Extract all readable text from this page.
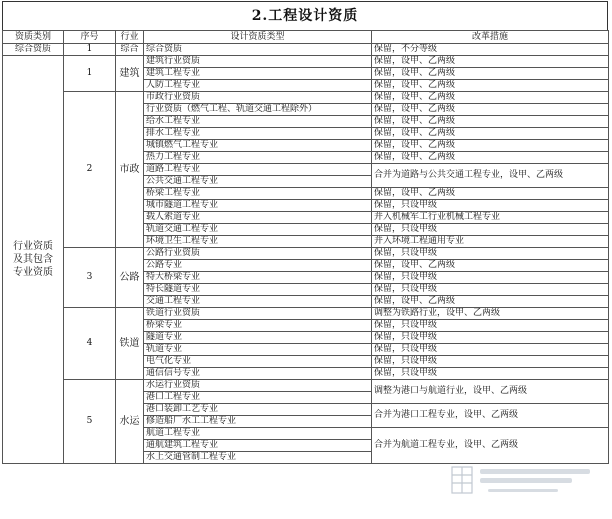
2.工程设计资质
资质类别	序号	行业	设计资质类型	改革措施
综合资质	1	综合	综合资质	保留，不分等级
行业资质及其包含专业资质	1	建筑	建筑行业资质	保留，设甲、乙两级
			建筑工程专业	保留，设甲、乙两级
			人防工程专业	保留，设甲、乙两级
	2	市政	市政行业资质	保留，设甲、乙两级
			行业资质（燃气工程、轨道交通工程除外）	保留，设甲、乙两级
			给水工程专业	保留，设甲、乙两级
			排水工程专业	保留，设甲、乙两级
			城镇燃气工程专业	保留，设甲、乙两级
			热力工程专业	保留，设甲、乙两级
			道路工程专业	合并为道路与公共交通工程专业，设甲、乙两级
			公共交通工程专业	
			桥梁工程专业	保留，设甲、乙两级
			城市隧道工程专业	保留，只设甲级
			载人索道专业	并入机械军工行业机械工程专业
			轨道交通工程专业	保留，只设甲级
			环境卫生工程专业	并入环境工程通用专业
	3	公路	公路行业资质	保留，只设甲级
			公路专业	保留，设甲、乙两级
			特大桥梁专业	保留，只设甲级
			特长隧道专业	保留，只设甲级
			交通工程专业	保留，设甲、乙两级
	4	铁道	铁道行业资质	调整为铁路行业，设甲、乙两级
			桥梁专业	保留，只设甲级
			隧道专业	保留，只设甲级
			轨道专业	保留，只设甲级
			电气化专业	保留，只设甲级
			通信信号专业	保留，只设甲级
	5	水运	水运行业资质	调整为港口与航道行业，设甲、乙两级
			港口工程专业	
			港口装卸工艺专业	合并为港口工程专业，设甲、乙两级
			修造船厂水工工程专业	
			航道工程专业	合并为航道工程专业，设甲、乙两级
			通航建筑工程专业	
			水上交通管制工程专业	
